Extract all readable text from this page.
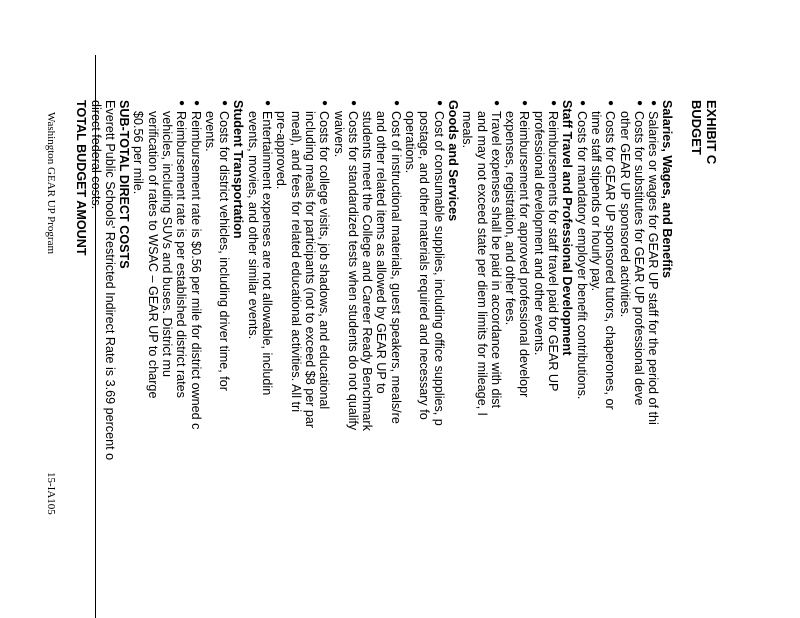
Washington GEAR UP Program
15-IA105
EXHIBIT C
BUDGET
Salaries, Wages, and Benefits
●
Salaries or wages for GEAR UP staff for the period of thi
●
Costs for substitutes for GEAR UP professional deve
other GEAR UP sponsored activities.
●
Costs for GEAR UP sponsored tutors, chaperones, or
time staff stipends or hourly pay.
●
Costs for mandatory employer benefit contributions.
Staff Travel and Professional Development
●
Reimbursements for staff travel paid for GEAR UP
professional development and other events.
●
Reimbursement for approved professional developr
expenses, registration, and other fees.
●
Travel expenses shall be paid in accordance with dist
and may not exceed state per diem limits for mileage, l
meals.
Goods and Services
●
Cost of consumable supplies, including office supplies, p
postage, and other materials required and necessary fo
operations.
●
Cost of instructional materials, guest speakers, meals/re
and other related items as allowed by GEAR UP to
students meet the College and Career Ready Benchmark
●
Costs for standardized tests when students do not qualify
waivers.
●
Costs for college visits, job shadows, and educational
including meals for participants (not to exceed $8 per par
meal), and fees for related educational activities. All tri
pre-approved.
●
Entertainment expenses are not allowable, includin
events, movies, and other similar events.
Student Transportation
●
Costs for district vehicles, including driver time, for
events.
●
Reimbursement rate is $0.56 per mile for district owned c
●
Reimbursement rate is per established district rates
vehicles, including SUVs and buses. District mu
verification of rates to WSAC – GEAR UP to charge
$0.56 per mile.
SUB-TOTAL DIRECT COSTS
Everett Public Schools' Restricted Indirect Rate is 3.69 percent o
direct federal costs.
TOTAL BUDGET AMOUNT
